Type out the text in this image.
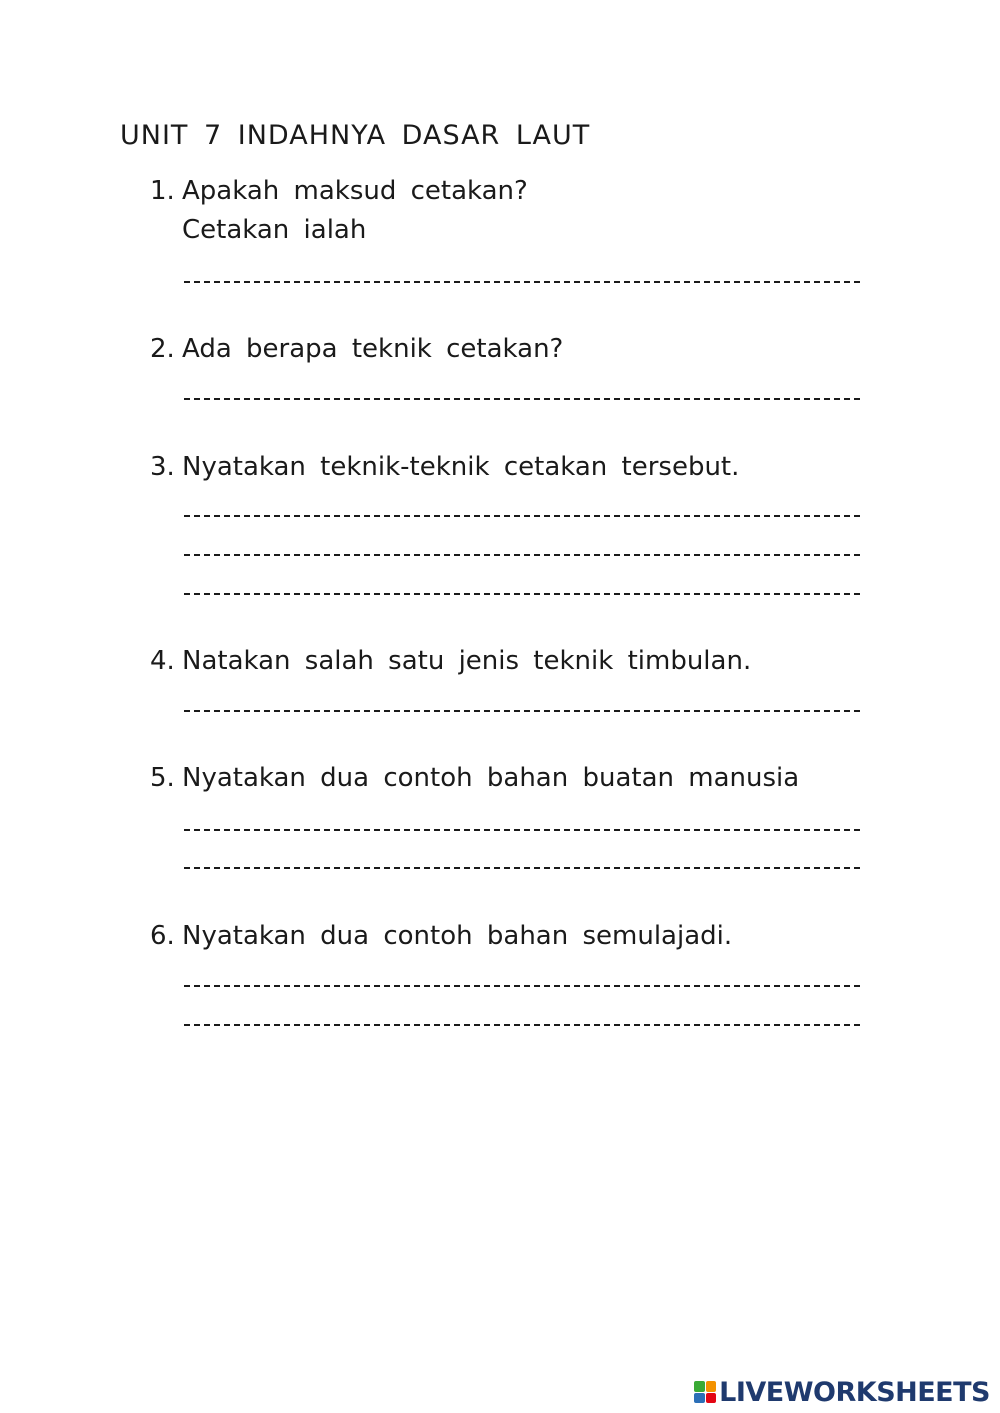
UNIT 7 INDAHNYA DASAR LAUT
1. Apakah maksud cetakan?
Cetakan ialah
2. Ada berapa teknik cetakan?
3. Nyatakan teknik-teknik cetakan tersebut.
4. Natakan salah satu jenis teknik timbulan.
5. Nyatakan dua contoh bahan buatan manusia
6. Nyatakan dua contoh bahan semulajadi.
LIVEWORKSHEETS
